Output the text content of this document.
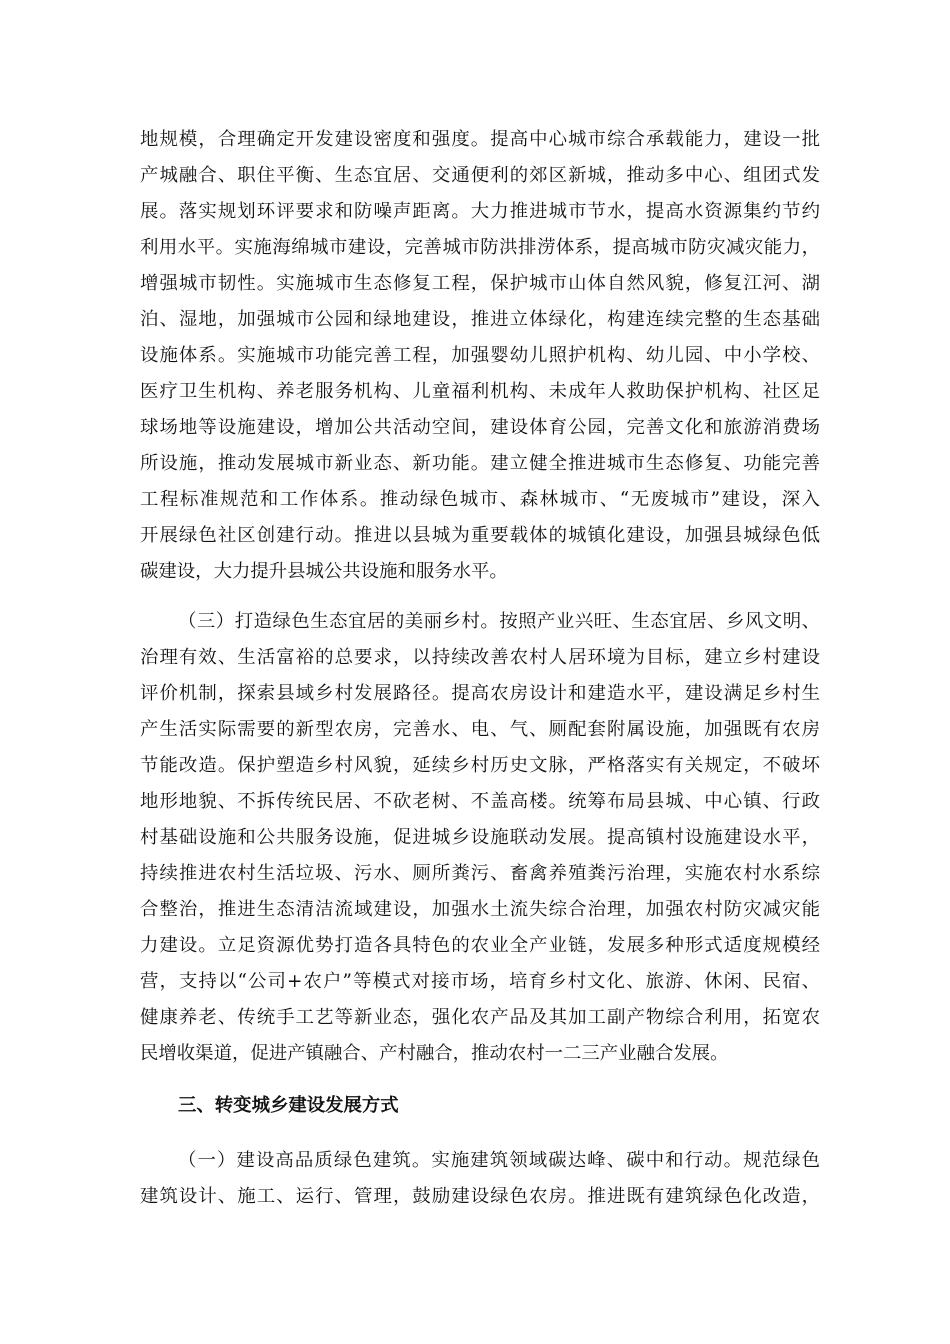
地规模，合理确定开发建设密度和强度。提高中心城市综合承载能力，建设一批
产城融合、职住平衡、生态宜居、交通便利的郊区新城，推动多中心、组团式发
展。落实规划环评要求和防噪声距离。大力推进城市节水，提高水资源集约节约
利用水平。实施海绵城市建设，完善城市防洪排涝体系，提高城市防灾减灾能力，
增强城市韧性。实施城市生态修复工程，保护城市山体自然风貌，修复江河、湖
泊、湿地，加强城市公园和绿地建设，推进立体绿化，构建连续完整的生态基础
设施体系。实施城市功能完善工程，加强婴幼儿照护机构、幼儿园、中小学校、
医疗卫生机构、养老服务机构、儿童福利机构、未成年人救助保护机构、社区足
球场地等设施建设，增加公共活动空间，建设体育公园，完善文化和旅游消费场
所设施，推动发展城市新业态、新功能。建立健全推进城市生态修复、功能完善
工程标准规范和工作体系。推动绿色城市、森林城市、“无废城市”建设，深入
开展绿色社区创建行动。推进以县城为重要载体的城镇化建设，加强县城绿色低
碳建设，大力提升县城公共设施和服务水平。
（三）打造绿色生态宜居的美丽乡村。按照产业兴旺、生态宜居、乡风文明、
治理有效、生活富裕的总要求，以持续改善农村人居环境为目标，建立乡村建设
评价机制，探索县域乡村发展路径。提高农房设计和建造水平，建设满足乡村生
产生活实际需要的新型农房，完善水、电、气、厕配套附属设施，加强既有农房
节能改造。保护塑造乡村风貌，延续乡村历史文脉，严格落实有关规定，不破坏
地形地貌、不拆传统民居、不砍老树、不盖高楼。统筹布局县城、中心镇、行政
村基础设施和公共服务设施，促进城乡设施联动发展。提高镇村设施建设水平，
持续推进农村生活垃圾、污水、厕所粪污、畜禽养殖粪污治理，实施农村水系综
合整治，推进生态清洁流域建设，加强水土流失综合治理，加强农村防灾减灾能
力建设。立足资源优势打造各具特色的农业全产业链，发展多种形式适度规模经
营，支持以“公司+农户”等模式对接市场，培育乡村文化、旅游、休闲、民宿、
健康养老、传统手工艺等新业态，强化农产品及其加工副产物综合利用，拓宽农
民增收渠道，促进产镇融合、产村融合，推动农村一二三产业融合发展。
三、转变城乡建设发展方式
（一）建设高品质绿色建筑。实施建筑领域碳达峰、碳中和行动。规范绿色
建筑设计、施工、运行、管理，鼓励建设绿色农房。推进既有建筑绿色化改造，
